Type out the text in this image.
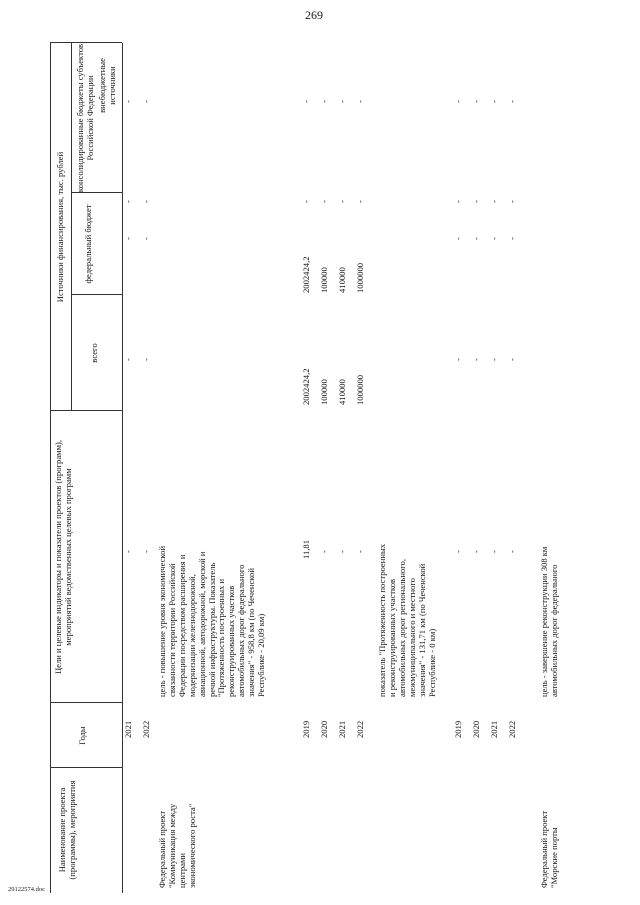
269
29122574.doc
Наименование проекта (программы), мероприятия
Годы
Цели и целевые индикаторы и показатели проектов (программ), мероприятий ведомственных целевых программ
Источники финансирования, тыс. рублей
всего
федеральный бюджет
консолидированные бюджеты субъектов Российской Федерации внебюджетные источники
2021 2022
- -
- -
- -
- -
- -
Федеральный проект
"Коммуникация между
центрами
экономического роста"
цель - повышение уровня экономической
связанности территории Российской
Федерации посредством расширения и
модернизации железнодорожной,
авиационной, автодорожной, морской и
речной инфраструктуры. Показатель
"Протяженность построенных и
реконструированных участков
автомобильных дорог федерального
значения" - 958,8 км (по Чеченской
Республике - 20,09 км)
2019 2020 2021 2022
11,81 - - -
2002424,2 100000 410000 1000000
2002424,2 100000 410000 1000000
- - - -
- - - -
показатель "Протяженность построенных
и реконструированных участков
автомобильных дорог регионального,
межмуниципального и местного
значения" - 131,71 км (по Чеченской
Республике - 0 км)
2019 2020 2021 2022
- - - -
- - - -
- - - -
- - - -
- - - -
Федеральный проект
"Морские порты
цель - завершение реконструкции 308 км
автомобильных дорог федерального
